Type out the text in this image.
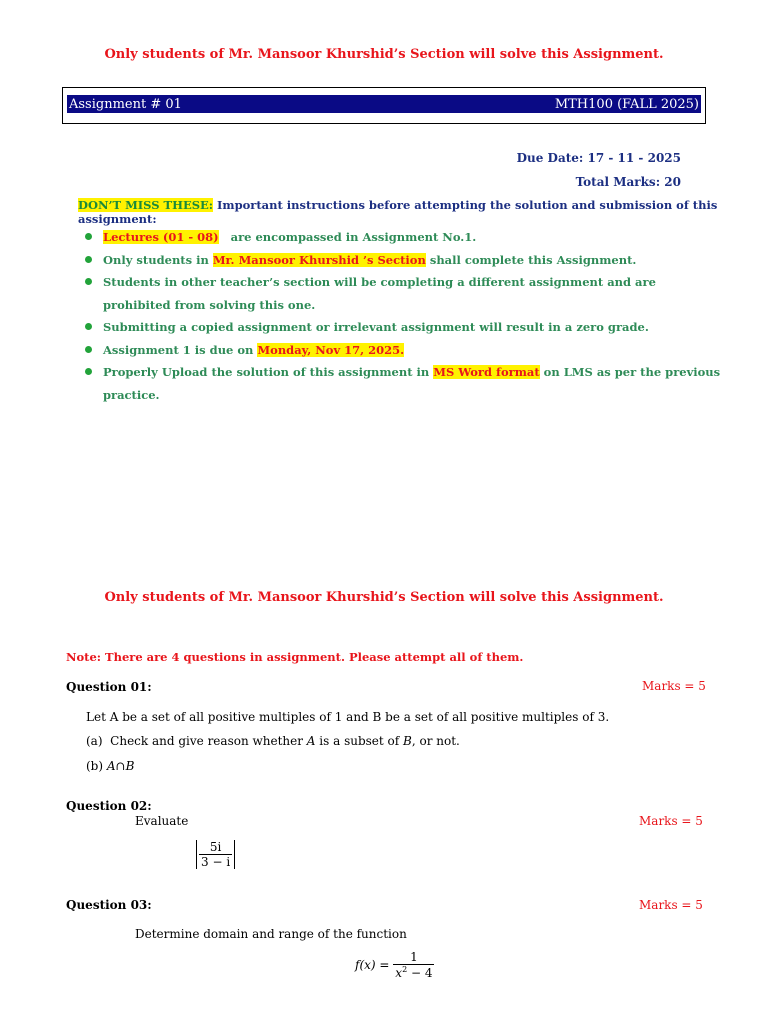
Only students of Mr. Mansoor Khurshid’s Section will solve this Assignment.
Assignment # 01	MTH100 (FALL 2025)
Due Date: 17 - 11 - 2025
Total Marks: 20
DON’T MISS THESE: Important instructions before attempting the solution and submission of this assignment:
Lectures (01 - 08)   are encompassed in Assignment No.1.
Only students in Mr. Mansoor Khurshid ’s Section shall complete this Assignment.
Students in other teacher’s section will be completing a different assignment and are prohibited from solving this one.
Submitting a copied assignment or irrelevant assignment will result in a zero grade.
Assignment 1 is due on Monday, Nov 17, 2025.
Properly Upload the solution of this assignment in MS Word format on LMS as per the previous practice.
Only students of Mr. Mansoor Khurshid’s Section will solve this Assignment.
Note: There are 4 questions in assignment. Please attempt all of them.
Question 01:	Marks = 5
Let A be a set of all positive multiples of 1 and B be a set of all positive multiples of 3.
(a)  Check and give reason whether A is a subset of B, or not.
(b) A∩B
Question 02:
Evaluate	Marks = 5
$\frac{5i}{3 - i}$
Question 03:	Marks = 5
Determine domain and range of the function
f(x) =
$\frac{1}{x^2 - 4}$
